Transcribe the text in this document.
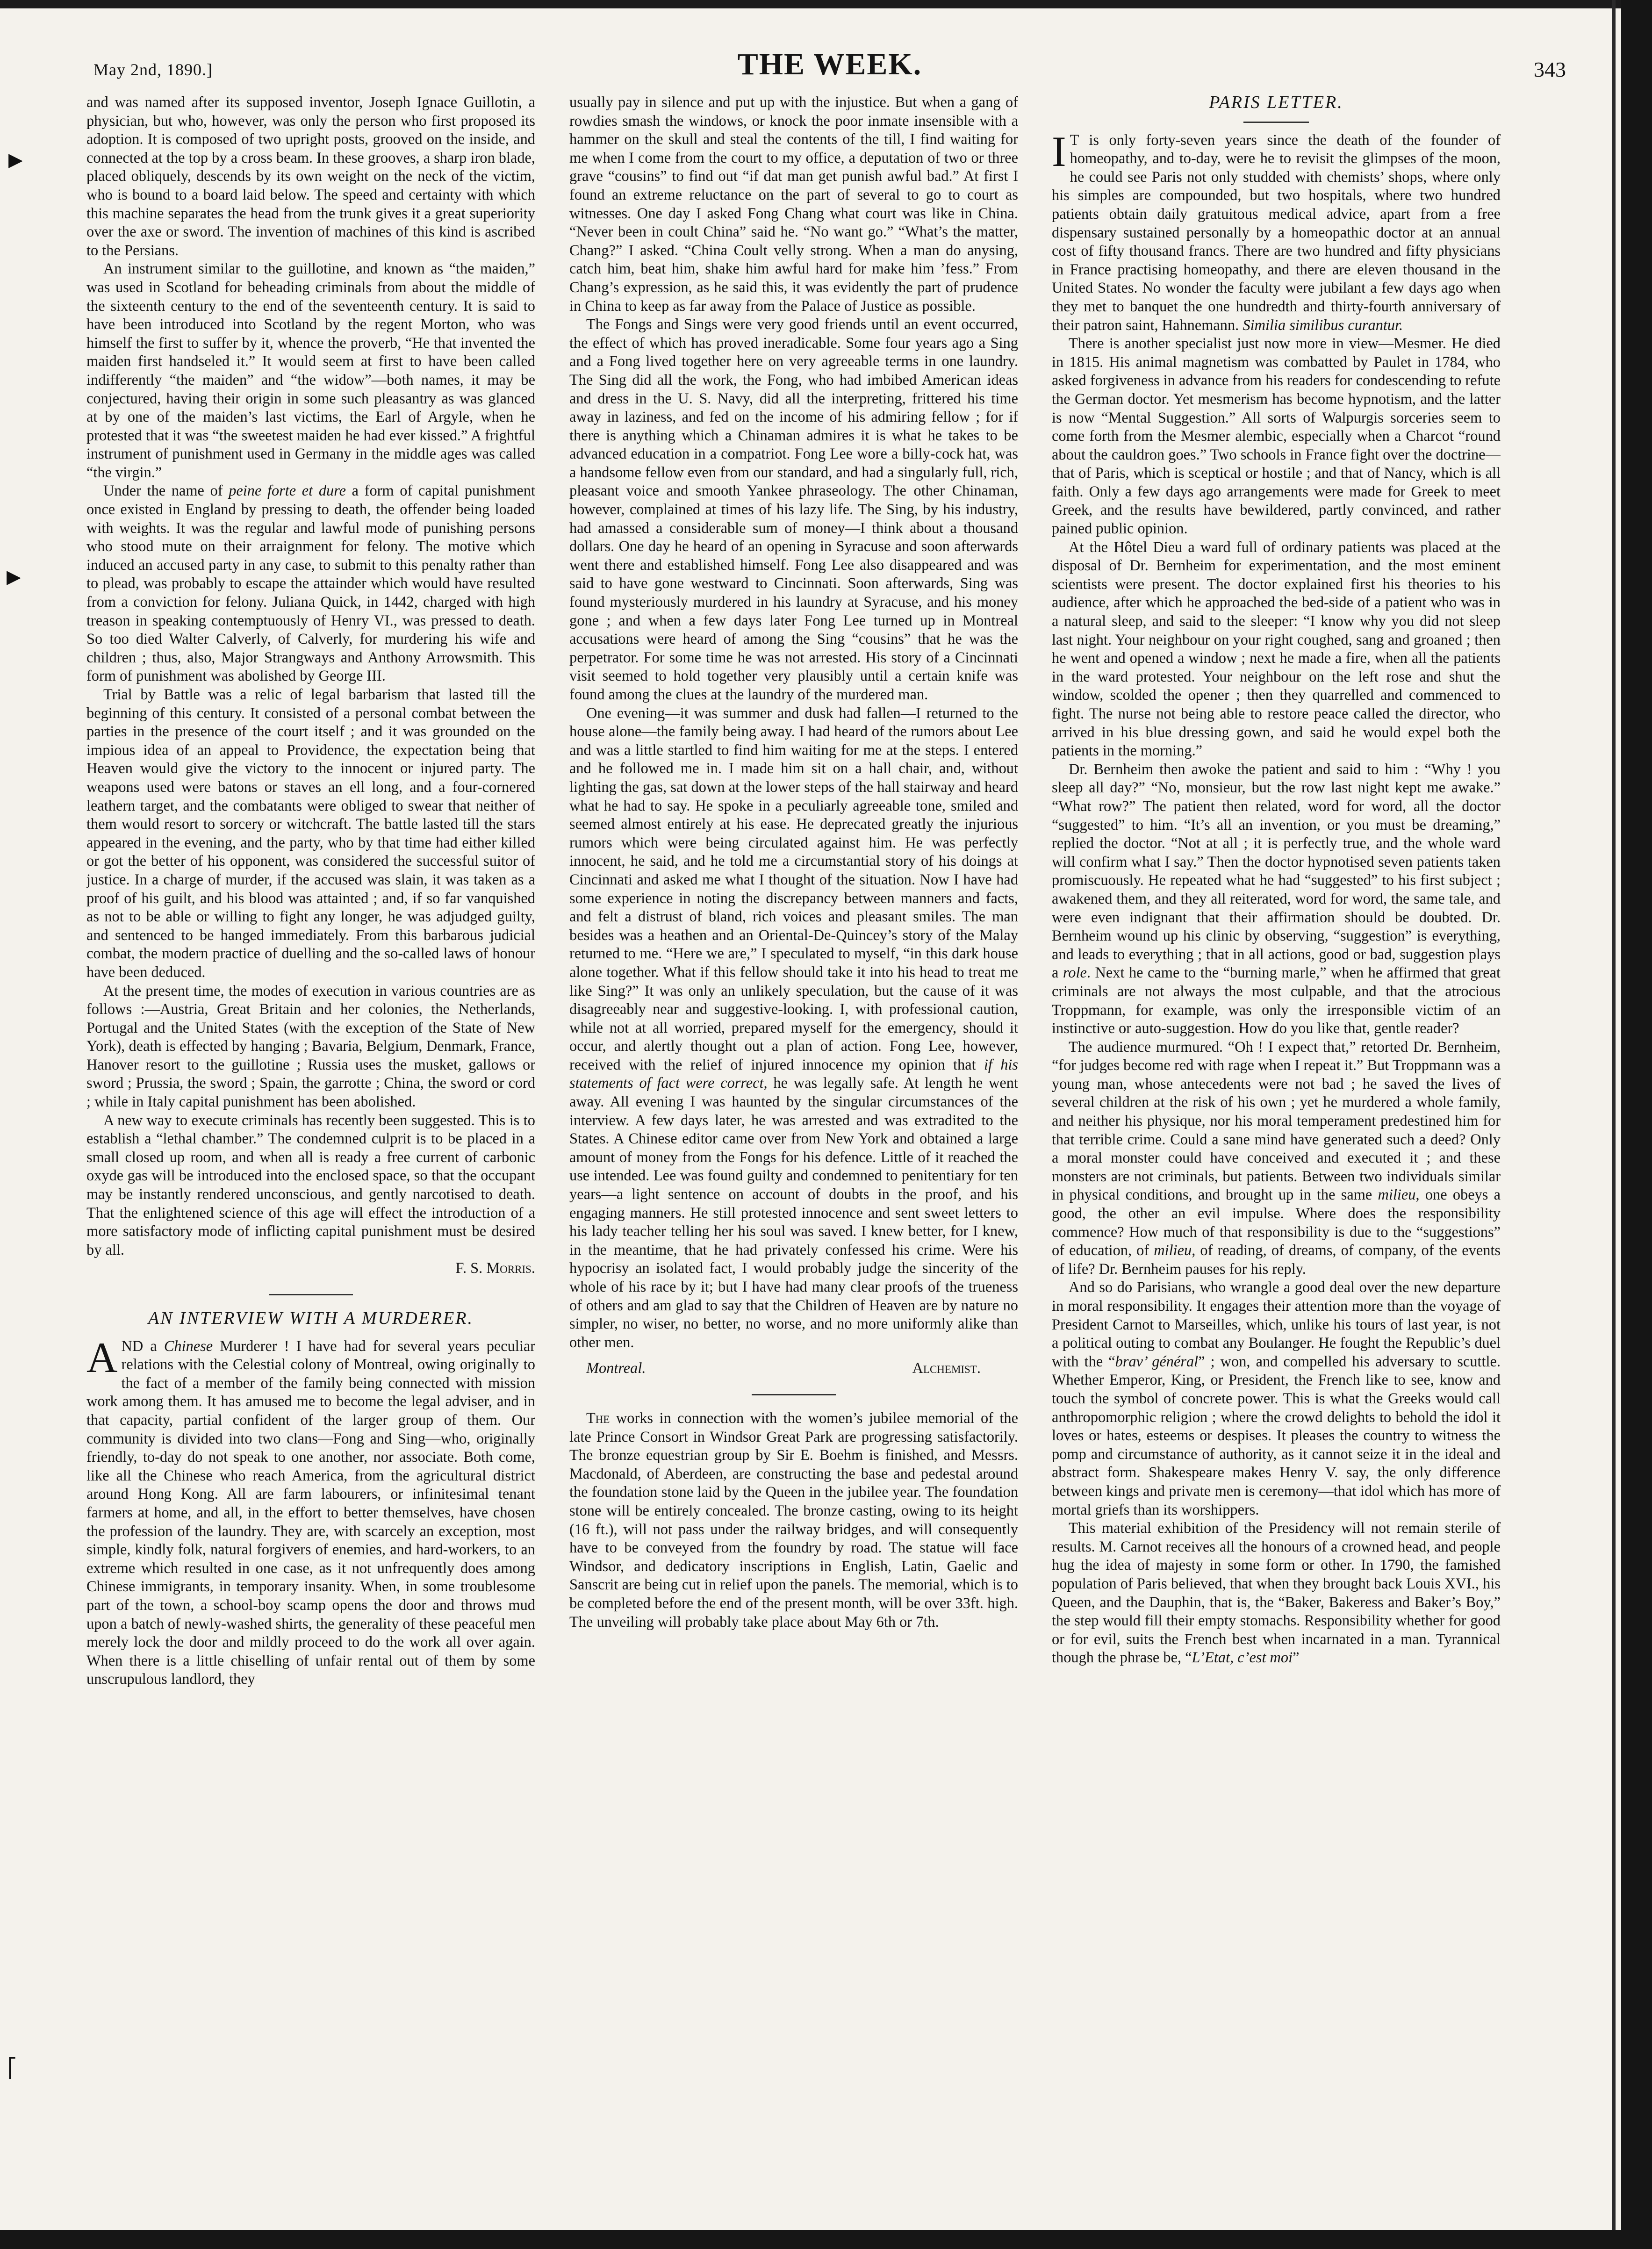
▶
▶
⎡
May 2nd, 1890.]	THE WEEK.	343

and was named after its supposed inventor, Joseph Ignace Guillotin, a physician, but who, however, was only the person who first proposed its adoption. It is composed of two upright posts, grooved on the inside, and connected at the top by a cross beam. In these grooves, a sharp iron blade, placed obliquely, descends by its own weight on the neck of the victim, who is bound to a board laid below. The speed and certainty with which this machine separates the head from the trunk gives it a great superiority over the axe or sword. The invention of machines of this kind is ascribed to the Persians.

An instrument similar to the guillotine, and known as “the maiden,” was used in Scotland for beheading criminals from about the middle of the sixteenth century to the end of the seventeenth century. It is said to have been introduced into Scotland by the regent Morton, who was himself the first to suffer by it, whence the proverb, “He that invented the maiden first handseled it.” It would seem at first to have been called indifferently “the maiden” and “the widow”—both names, it may be conjectured, having their origin in some such pleasantry as was glanced at by one of the maiden’s last victims, the Earl of Argyle, when he protested that it was “the sweetest maiden he had ever kissed.” A frightful instrument of punishment used in Germany in the middle ages was called “the virgin.”

Under the name of peine forte et dure a form of capital punishment once existed in England by pressing to death, the offender being loaded with weights. It was the regular and lawful mode of punishing persons who stood mute on their arraignment for felony. The motive which induced an accused party in any case, to submit to this penalty rather than to plead, was probably to escape the attainder which would have resulted from a conviction for felony. Juliana Quick, in 1442, charged with high treason in speaking contemptuously of Henry VI., was pressed to death. So too died Walter Calverly, of Calverly, for murdering his wife and children ; thus, also, Major Strangways and Anthony Arrowsmith. This form of punishment was abolished by George III.

Trial by Battle was a relic of legal barbarism that lasted till the beginning of this century. It consisted of a personal combat between the parties in the presence of the court itself ; and it was grounded on the impious idea of an appeal to Providence, the expectation being that Heaven would give the victory to the innocent or injured party. The weapons used were batons or staves an ell long, and a four-cornered leathern target, and the combatants were obliged to swear that neither of them would resort to sorcery or witchcraft. The battle lasted till the stars appeared in the evening, and the party, who by that time had either killed or got the better of his opponent, was considered the successful suitor of justice. In a charge of murder, if the accused was slain, it was taken as a proof of his guilt, and his blood was attainted ; and, if so far vanquished as not to be able or willing to fight any longer, he was adjudged guilty, and sentenced to be hanged immediately. From this barbarous judicial combat, the modern practice of duelling and the so-called laws of honour have been deduced.

At the present time, the modes of execution in various countries are as follows :—Austria, Great Britain and her colonies, the Netherlands, Portugal and the United States (with the exception of the State of New York), death is effected by hanging ; Bavaria, Belgium, Denmark, France, Hanover resort to the guillotine ; Russia uses the musket, gallows or sword ; Prussia, the sword ; Spain, the garrotte ; China, the sword or cord ; while in Italy capital punishment has been abolished.

A new way to execute criminals has recently been suggested. This is to establish a “lethal chamber.” The condemned culprit is to be placed in a small closed up room, and when all is ready a free current of carbonic oxyde gas will be introduced into the enclosed space, so that the occupant may be instantly rendered unconscious, and gently narcotised to death. That the enlightened science of this age will effect the introduction of a more satisfactory mode of inflicting capital punishment must be desired by all.

F. S. Morris.
AN INTERVIEW WITH A MURDERER.

AND a Chinese Murderer ! I have had for several years peculiar relations with the Celestial colony of Montreal, owing originally to the fact of a member of the family being connected with mission work among them. It has amused me to become the legal adviser, and in that capacity, partial confident of the larger group of them. Our community is divided into two clans—Fong and Sing—who, originally friendly, to-day do not speak to one another, nor associate. Both come, like all the Chinese who reach America, from the agricultural district around Hong Kong. All are farm labourers, or infinitesimal tenant farmers at home, and all, in the effort to better themselves, have chosen the profession of the laundry. They are, with scarcely an exception, most simple, kindly folk, natural forgivers of enemies, and hard-workers, to an extreme which resulted in one case, as it not unfrequently does among Chinese immigrants, in temporary insanity. When, in some troublesome part of the town, a school-boy scamp opens the door and throws mud upon a batch of newly-washed shirts, the generality of these peaceful men merely lock the door and mildly proceed to do the work all over again. When there is a little chiselling of unfair rental out of them by some unscrupulous landlord, they

usually pay in silence and put up with the injustice. But when a gang of rowdies smash the windows, or knock the poor inmate insensible with a hammer on the skull and steal the contents of the till, I find waiting for me when I come from the court to my office, a deputation of two or three grave “cousins” to find out “if dat man get punish awful bad.” At first I found an extreme reluctance on the part of several to go to court as witnesses. One day I asked Fong Chang what court was like in China. “Never been in coult China” said he. “No want go.” “What’s the matter, Chang?” I asked. “China Coult velly strong. When a man do anysing, catch him, beat him, shake him awful hard for make him ’fess.” From Chang’s expression, as he said this, it was evidently the part of prudence in China to keep as far away from the Palace of Justice as possible.

The Fongs and Sings were very good friends until an event occurred, the effect of which has proved ineradicable. Some four years ago a Sing and a Fong lived together here on very agreeable terms in one laundry. The Sing did all the work, the Fong, who had imbibed American ideas and dress in the U. S. Navy, did all the interpreting, frittered his time away in laziness, and fed on the income of his admiring fellow ; for if there is anything which a Chinaman admires it is what he takes to be advanced education in a compatriot. Fong Lee wore a billy-cock hat, was a handsome fellow even from our standard, and had a singularly full, rich, pleasant voice and smooth Yankee phraseology. The other Chinaman, however, complained at times of his lazy life. The Sing, by his industry, had amassed a considerable sum of money—I think about a thousand dollars. One day he heard of an opening in Syracuse and soon afterwards went there and established himself. Fong Lee also disappeared and was said to have gone westward to Cincinnati. Soon afterwards, Sing was found mysteriously murdered in his laundry at Syracuse, and his money gone ; and when a few days later Fong Lee turned up in Montreal accusations were heard of among the Sing “cousins” that he was the perpetrator. For some time he was not arrested. His story of a Cincinnati visit seemed to hold together very plausibly until a certain knife was found among the clues at the laundry of the murdered man.

One evening—it was summer and dusk had fallen—I returned to the house alone—the family being away. I had heard of the rumors about Lee and was a little startled to find him waiting for me at the steps. I entered and he followed me in. I made him sit on a hall chair, and, without lighting the gas, sat down at the lower steps of the hall stairway and heard what he had to say. He spoke in a peculiarly agreeable tone, smiled and seemed almost entirely at his ease. He deprecated greatly the injurious rumors which were being circulated against him. He was perfectly innocent, he said, and he told me a circumstantial story of his doings at Cincinnati and asked me what I thought of the situation. Now I have had some experience in noting the discrepancy between manners and facts, and felt a distrust of bland, rich voices and pleasant smiles. The man besides was a heathen and an Oriental-De-Quincey’s story of the Malay returned to me. “Here we are,” I speculated to myself, “in this dark house alone together. What if this fellow should take it into his head to treat me like Sing?” It was only an unlikely speculation, but the cause of it was disagreeably near and suggestive-looking. I, with professional caution, while not at all worried, prepared myself for the emergency, should it occur, and alertly thought out a plan of action. Fong Lee, however, received with the relief of injured innocence my opinion that if his statements of fact were correct, he was legally safe. At length he went away. All evening I was haunted by the singular circumstances of the interview. A few days later, he was arrested and was extradited to the States. A Chinese editor came over from New York and obtained a large amount of money from the Fongs for his defence. Little of it reached the use intended. Lee was found guilty and condemned to penitentiary for ten years—a light sentence on account of doubts in the proof, and his engaging manners. He still protested innocence and sent sweet letters to his lady teacher telling her his soul was saved. I knew better, for I knew, in the meantime, that he had privately confessed his crime. Were his hypocrisy an isolated fact, I would probably judge the sincerity of the whole of his race by it; but I have had many clear proofs of the trueness of others and am glad to say that the Children of Heaven are by nature no simpler, no wiser, no better, no worse, and no more uniformly alike than other men.

Montreal.	Alchemist.

The works in connection with the women’s jubilee memorial of the late Prince Consort in Windsor Great Park are progressing satisfactorily. The bronze equestrian group by Sir E. Boehm is finished, and Messrs. Macdonald, of Aberdeen, are constructing the base and pedestal around the foundation stone laid by the Queen in the jubilee year. The foundation stone will be entirely concealed. The bronze casting, owing to its height (16 ft.), will not pass under the railway bridges, and will consequently have to be conveyed from the foundry by road. The statue will face Windsor, and dedicatory inscriptions in English, Latin, Gaelic and Sanscrit are being cut in relief upon the panels. The memorial, which is to be completed before the end of the present month, will be over 33ft. high. The unveiling will probably take place about May 6th or 7th.

PARIS LETTER.

I T is only forty-seven years since the death of the founder of homeopathy, and to-day, were he to revisit the glimpses of the moon, he could see Paris not only studded with chemists’ shops, where only his simples are compounded, but two hospitals, where two hundred patients obtain daily gratuitous medical advice, apart from a free dispensary sustained personally by a homeopathic doctor at an annual cost of fifty thousand francs. There are two hundred and fifty physicians in France practising homeopathy, and there are eleven thousand in the United States. No wonder the faculty were jubilant a few days ago when they met to banquet the one hundredth and thirty-fourth anniversary of their patron saint, Hahnemann. Similia similibus curantur.

There is another specialist just now more in view—Mesmer. He died in 1815. His animal magnetism was combatted by Paulet in 1784, who asked forgiveness in advance from his readers for condescending to refute the German doctor. Yet mesmerism has become hypnotism, and the latter is now “Mental Suggestion.” All sorts of Walpurgis sorceries seem to come forth from the Mesmer alembic, especially when a Charcot “round about the cauldron goes.” Two schools in France fight over the doctrine—that of Paris, which is sceptical or hostile ; and that of Nancy, which is all faith. Only a few days ago arrangements were made for Greek to meet Greek, and the results have bewildered, partly convinced, and rather pained public opinion.

At the Hôtel Dieu a ward full of ordinary patients was placed at the disposal of Dr. Bernheim for experimentation, and the most eminent scientists were present. The doctor explained first his theories to his audience, after which he approached the bed-side of a patient who was in a natural sleep, and said to the sleeper: “I know why you did not sleep last night. Your neighbour on your right coughed, sang and groaned ; then he went and opened a window ; next he made a fire, when all the patients in the ward protested. Your neighbour on the left rose and shut the window, scolded the opener ; then they quarrelled and commenced to fight. The nurse not being able to restore peace called the director, who arrived in his blue dressing gown, and said he would expel both the patients in the morning.”

Dr. Bernheim then awoke the patient and said to him : “Why ! you sleep all day?” “No, monsieur, but the row last night kept me awake.” “What row?” The patient then related, word for word, all the doctor “suggested” to him. “It’s all an invention, or you must be dreaming,” replied the doctor. “Not at all ; it is perfectly true, and the whole ward will confirm what I say.” Then the doctor hypnotised seven patients taken promiscuously. He repeated what he had “suggested” to his first subject ; awakened them, and they all reiterated, word for word, the same tale, and were even indignant that their affirmation should be doubted. Dr. Bernheim wound up his clinic by observing, “suggestion” is everything, and leads to everything ; that in all actions, good or bad, suggestion plays a role. Next he came to the “burning marle,” when he affirmed that great criminals are not always the most culpable, and that the atrocious Troppmann, for example, was only the irresponsible victim of an instinctive or auto-suggestion. How do you like that, gentle reader?

The audience murmured. “Oh ! I expect that,” retorted Dr. Bernheim, “for judges become red with rage when I repeat it.” But Troppmann was a young man, whose antecedents were not bad ; he saved the lives of several children at the risk of his own ; yet he murdered a whole family, and neither his physique, nor his moral temperament predestined him for that terrible crime. Could a sane mind have generated such a deed? Only a moral monster could have conceived and executed it ; and these monsters are not criminals, but patients. Between two individuals similar in physical conditions, and brought up in the same milieu, one obeys a good, the other an evil impulse. Where does the responsibility commence? How much of that responsibility is due to the “suggestions” of education, of milieu, of reading, of dreams, of company, of the events of life? Dr. Bernheim pauses for his reply.

And so do Parisians, who wrangle a good deal over the new departure in moral responsibility. It engages their attention more than the voyage of President Carnot to Marseilles, which, unlike his tours of last year, is not a political outing to combat any Boulanger. He fought the Republic’s duel with the “brav’ général” ; won, and compelled his adversary to scuttle. Whether Emperor, King, or President, the French like to see, know and touch the symbol of concrete power. This is what the Greeks would call anthropomorphic religion ; where the crowd delights to behold the idol it loves or hates, esteems or despises. It pleases the country to witness the pomp and circumstance of authority, as it cannot seize it in the ideal and abstract form. Shakespeare makes Henry V. say, the only difference between kings and private men is ceremony—that idol which has more of mortal griefs than its worshippers.

This material exhibition of the Presidency will not remain sterile of results. M. Carnot receives all the honours of a crowned head, and people hug the idea of majesty in some form or other. In 1790, the famished population of Paris believed, that when they brought back Louis XVI., his Queen, and the Dauphin, that is, the “Baker, Bakeress and Baker’s Boy,” the step would fill their empty stomachs. Responsibility whether for good or for evil, suits the French best when incarnated in a man. Tyrannical though the phrase be, “L’Etat, c’est moi”
